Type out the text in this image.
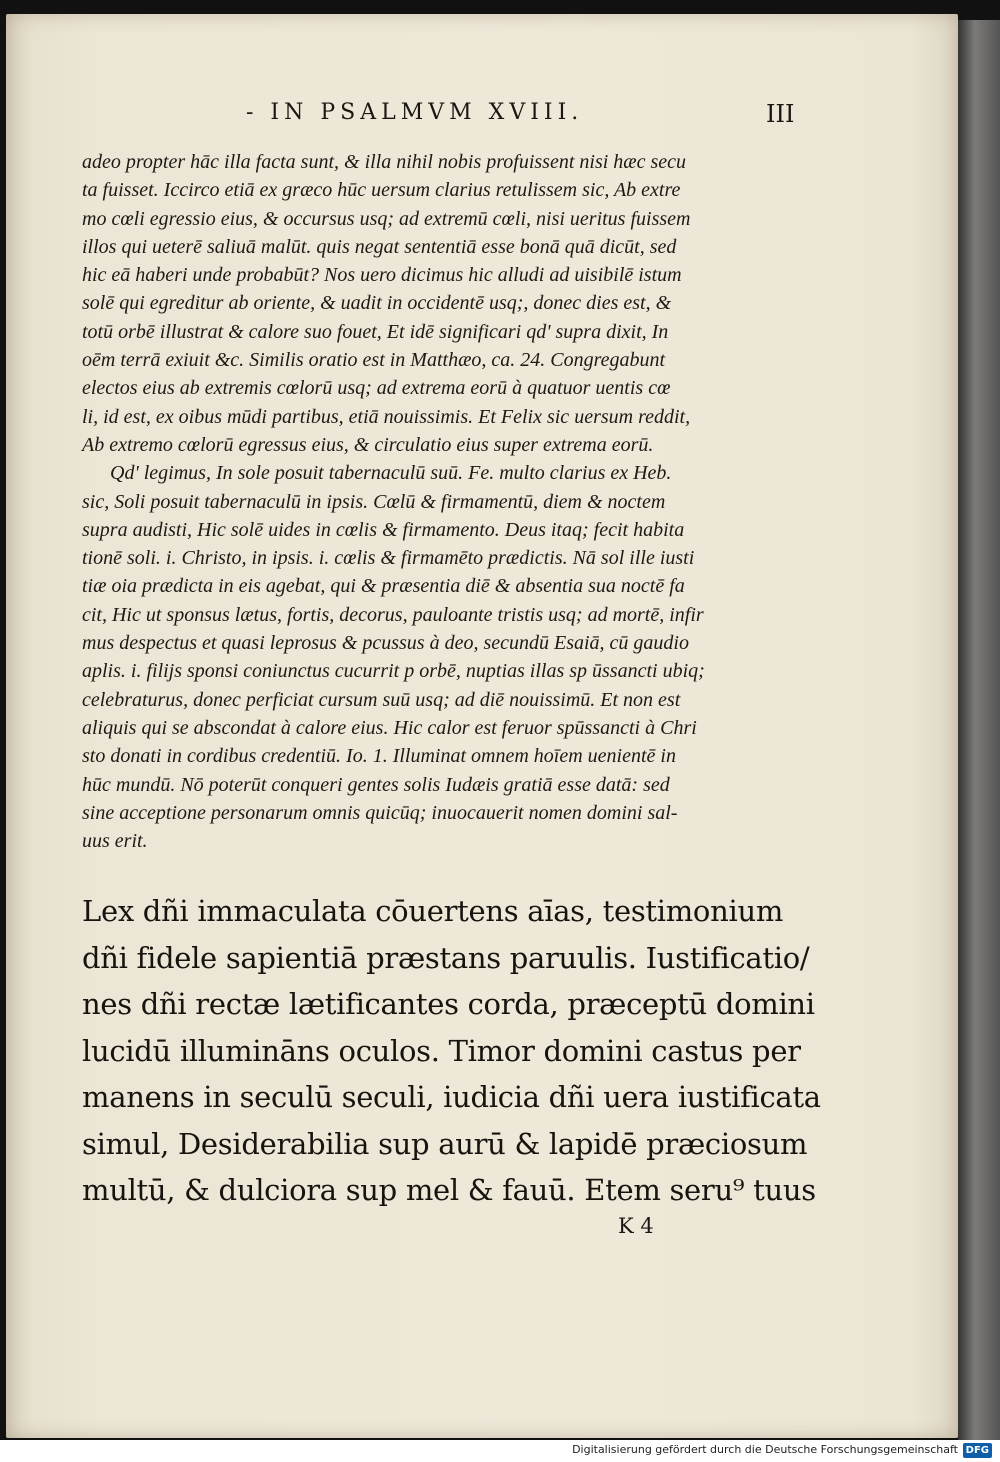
- IN PSALMVM XVIII.	III
adeo propter hāc illa facta sunt, & illa nihil nobis profuissent nisi hæc secu
ta fuisset. Iccirco etiā ex græco hūc uersum clarius retulissem sic, Ab extre
mo cœli egressio eius, & occursus usq; ad extremū cœli, nisi ueritus fuissem
illos qui ueterē saliuā malūt. quis negat sententiā esse bonā quā dicūt, sed
hic eā haberi unde probabūt? Nos uero dicimus hic alludi ad uisibilē istum
solē qui egreditur ab oriente, & uadit in occidentē usq;, donec dies est, &
totū orbē illustrat & calore suo fouet, Et idē significari qd' supra dixit, In
oēm terrā exiuit &c. Similis oratio est in Matthæo, ca. 24. Congregabunt
electos eius ab extremis cœlorū usq; ad extrema eorū à quatuor uentis cœ
li, id est, ex oibus mūdi partibus, etiā nouissimis. Et Felix sic uersum reddit,
Ab extremo cœlorū egressus eius, & circulatio eius super extrema eorū.
Qd' legimus, In sole posuit tabernaculū suū. Fe. multo clarius ex Heb.
sic, Soli posuit tabernaculū in ipsis. Cœlū & firmamentū, diem & noctem
supra audisti, Hic solē uides in cœlis & firmamento. Deus itaq; fecit habita
tionē soli. i. Christo, in ipsis. i. cœlis & firmamēto prædictis. Nā sol ille iusti
tiæ oia prædicta in eis agebat, qui & præsentia diē & absentia sua noctē fa
cit, Hic ut sponsus lætus, fortis, decorus, pauloante tristis usq; ad mortē, infir
mus despectus et quasi leprosus & pcussus à deo, secundū Esaiā, cū gaudio
aplis. i. filijs sponsi coniunctus cucurrit p orbē, nuptias illas sp ūssancti ubiq;
celebraturus, donec perficiat cursum suū usq; ad diē nouissimū. Et non est
aliquis qui se abscondat à calore eius. Hic calor est feruor spūssancti à Chri
sto donati in cordibus credentiū. Io. 1. Illuminat omnem hoīem uenientē in
hūc mundū. Nō poterūt conqueri gentes solis Iudæis gratiā esse datā: sed
sine acceptione personarum omnis quicūq; inuocauerit nomen domini sal-
uus erit.
Lex dñi immaculata cōuertens aīas, testimonium
dñi fidele sapientiā præstans paruulis. Iustificatio/
nes dñi rectæ lætificantes corda, præceptū domini
lucidū illumināns oculos. Timor domini castus per
manens in seculū seculi, iudicia dñi uera iustificata
simul, Desiderabilia sup aurū & lapidē præciosum
multū, & dulciora sup mel & fauū. Etem seru⁹ tuus
K 4
Digitalisierung gefördert durch die Deutsche Forschungsgemeinschaft DFG
